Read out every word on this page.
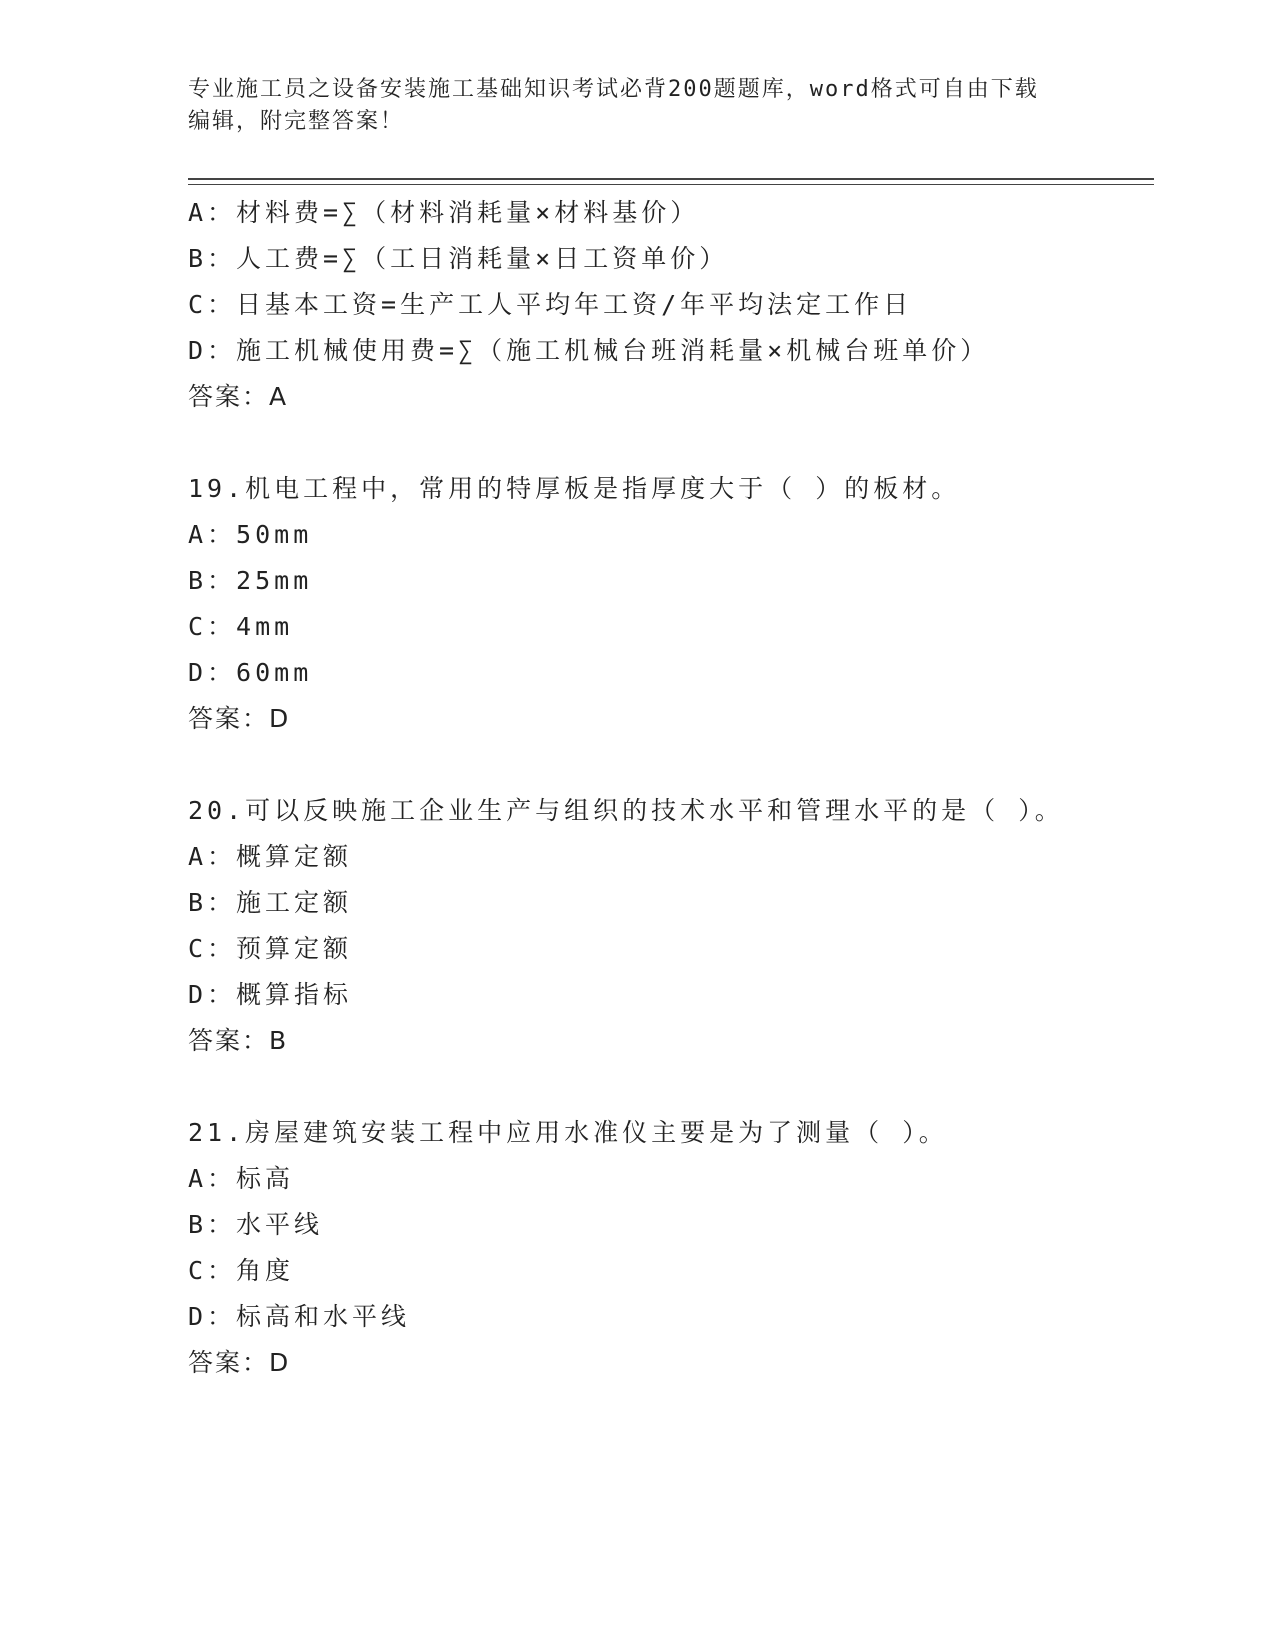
专业施工员之设备安装施工基础知识考试必背200题题库，word格式可自由下载
编辑，附完整答案！
A：材料费=∑（材料消耗量×材料基价）
B：人工费=∑（工日消耗量×日工资单价）
C：日基本工资=生产工人平均年工资/年平均法定工作日
D：施工机械使用费=∑（施工机械台班消耗量×机械台班单价）
答案：A
19.机电工程中，常用的特厚板是指厚度大于（ ）的板材。
A：50mm
B：25mm
C：4mm
D：60mm
答案：D
20.可以反映施工企业生产与组织的技术水平和管理水平的是（ ）。
A：概算定额
B：施工定额
C：预算定额
D：概算指标
答案：B
21.房屋建筑安装工程中应用水准仪主要是为了测量（ ）。
A：标高
B：水平线
C：角度
D：标高和水平线
答案：D
